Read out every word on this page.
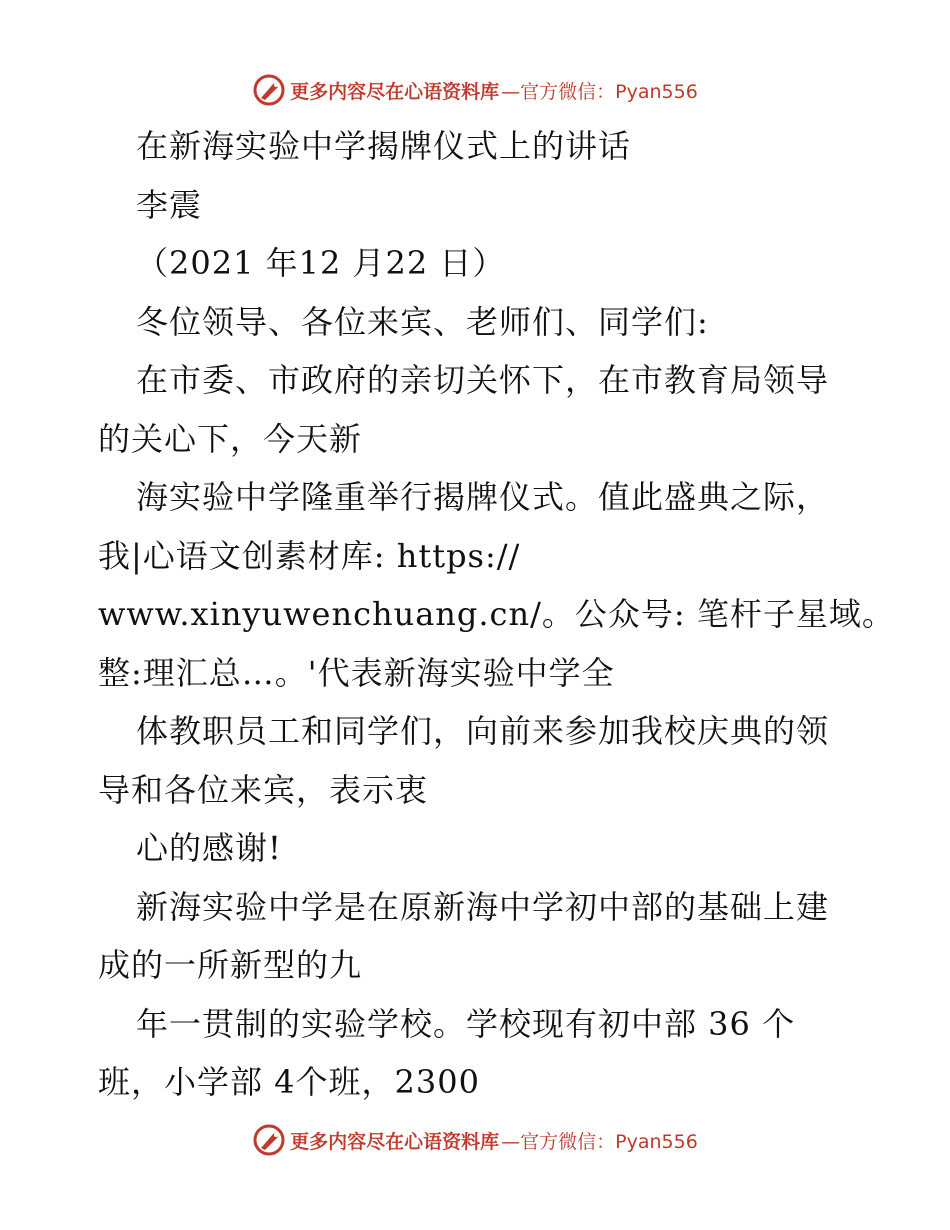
更多内容尽在心语资料库 —官方微信：Pyan556
在新海实验中学揭牌仪式上的讲话
李震
（2021 年12 月22 日）
冬位领导、各位来宾、老师们、同学们:
在市委、市政府的亲切关怀下，在市教育局领导
的关心下，今天新
海实验中学隆重举行揭牌仪式。值此盛典之际，
我|心语文创素材库: https://
www.xinyuwenchuang.cn/。公众号: 笔杆子星域。
整:理汇总…。'代表新海实验中学全
体教职员工和同学们，向前来参加我校庆典的领
导和各位来宾，表示衷
心的感谢!
新海实验中学是在原新海中学初中部的基础上建
成的一所新型的九
年一贯制的实验学校。学校现有初中部 36 个
班，小学部 4个班，2300
更多内容尽在心语资料库 —官方微信：Pyan556
